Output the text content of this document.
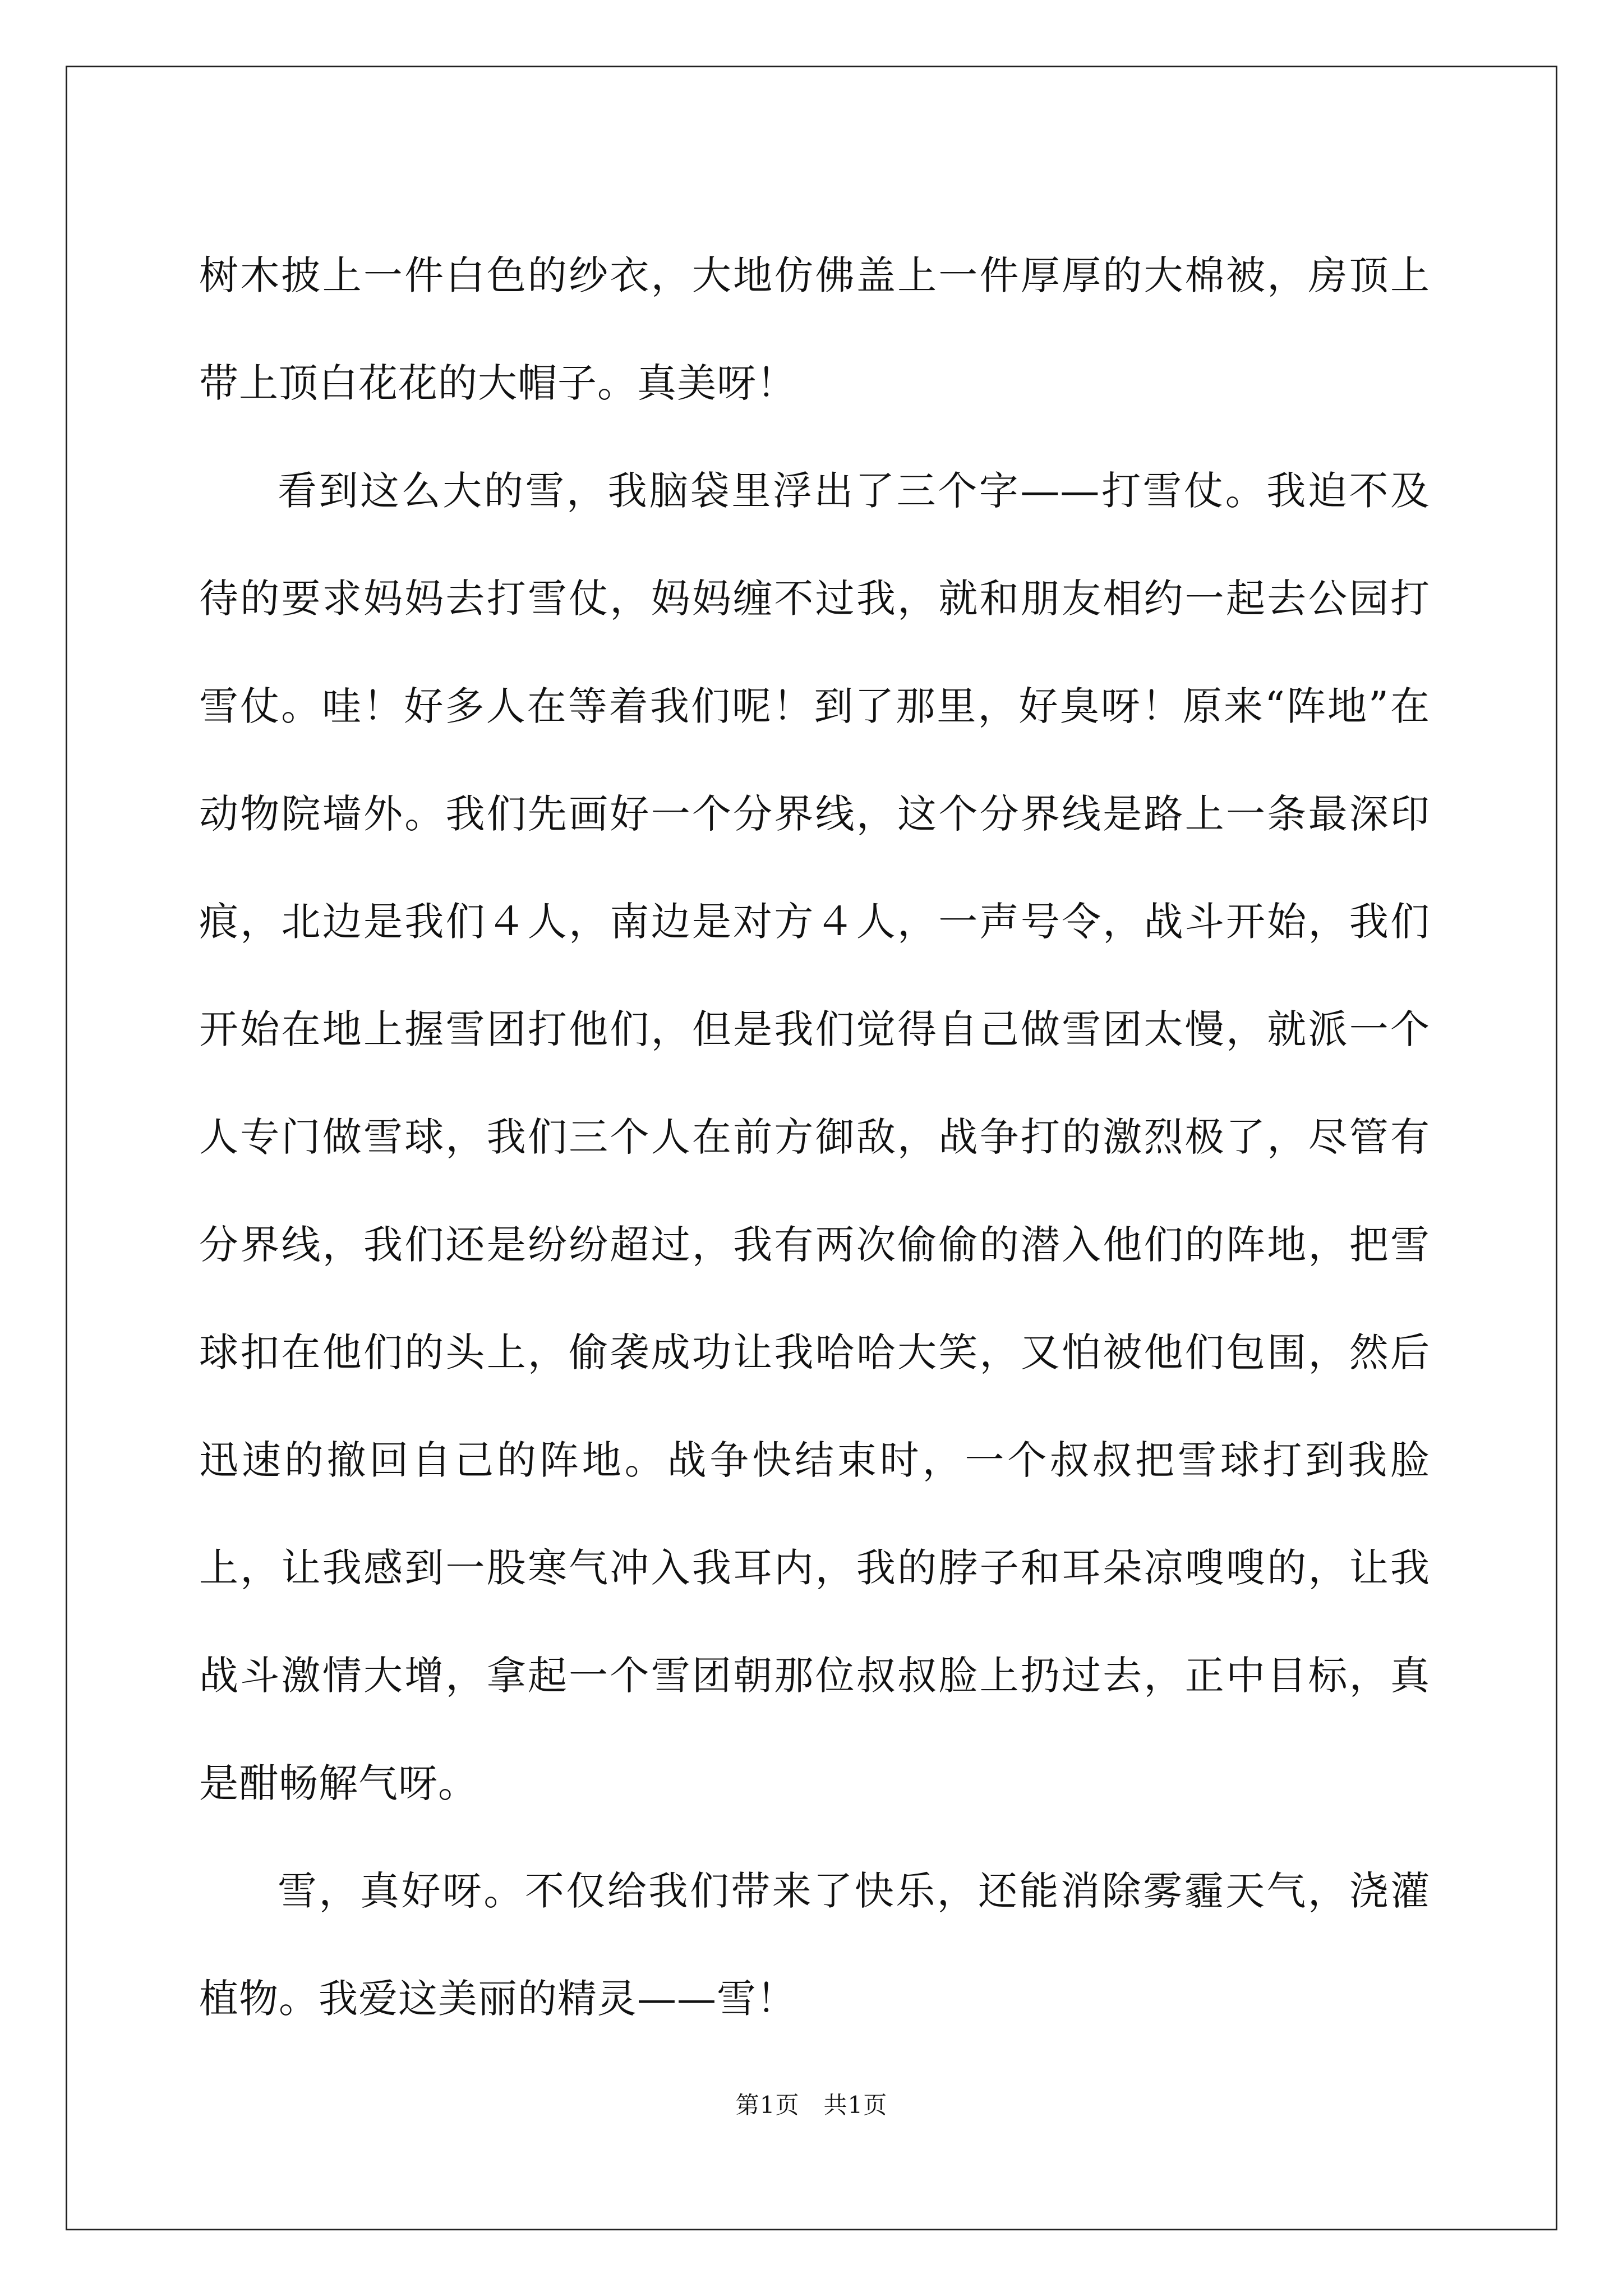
树木披上一件白色的纱衣，大地仿佛盖上一件厚厚的大棉被，房顶上带上顶白花花的大帽子。真美呀！

看到这么大的雪，我脑袋里浮出了三个字——打雪仗。我迫不及待的要求妈妈去打雪仗，妈妈缠不过我，就和朋友相约一起去公园打雪仗。哇！好多人在等着我们呢！到了那里，好臭呀！原来“阵地”在动物院墙外。我们先画好一个分界线，这个分界线是路上一条最深印痕，北边是我们４人，南边是对方４人，一声号令，战斗开始，我们开始在地上握雪团打他们，但是我们觉得自己做雪团太慢，就派一个人专门做雪球，我们三个人在前方御敌，战争打的激烈极了，尽管有分界线，我们还是纷纷超过，我有两次偷偷的潜入他们的阵地，把雪球扣在他们的头上，偷袭成功让我哈哈大笑，又怕被他们包围，然后迅速的撤回自己的阵地。战争快结束时，一个叔叔把雪球打到我脸上，让我感到一股寒气冲入我耳内，我的脖子和耳朵凉嗖嗖的，让我战斗激情大增，拿起一个雪团朝那位叔叔脸上扔过去，正中目标，真是酣畅解气呀。

雪，真好呀。不仅给我们带来了快乐，还能消除雾霾天气，浇灌植物。我爱这美丽的精灵——雪！

第1页　共1页
